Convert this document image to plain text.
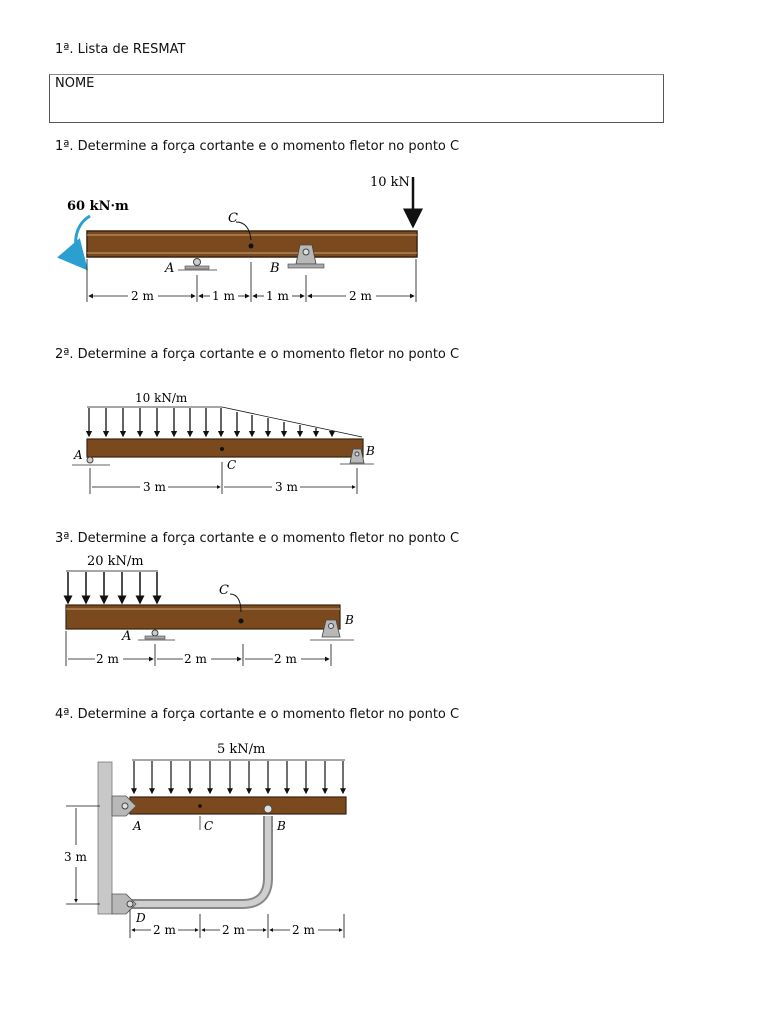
1ª. Lista de RESMAT
NOME
1ª. Determine a força cortante e o momento fletor no ponto C
60 kN·m
10 kN
C
A	B
2 m	1 m	1 m	2 m
2ª. Determine a força cortante e o momento fletor no ponto C
10 kN/m
A	B
C
3 m	3 m
3ª. Determine a força cortante e o momento fletor no ponto C
20 kN/m
C
A
B
2 m	2 m	2 m
4ª. Determine a força cortante e o momento fletor no ponto C
5 kN/m
A	B
C
D
3 m
2 m	2 m	2 m
